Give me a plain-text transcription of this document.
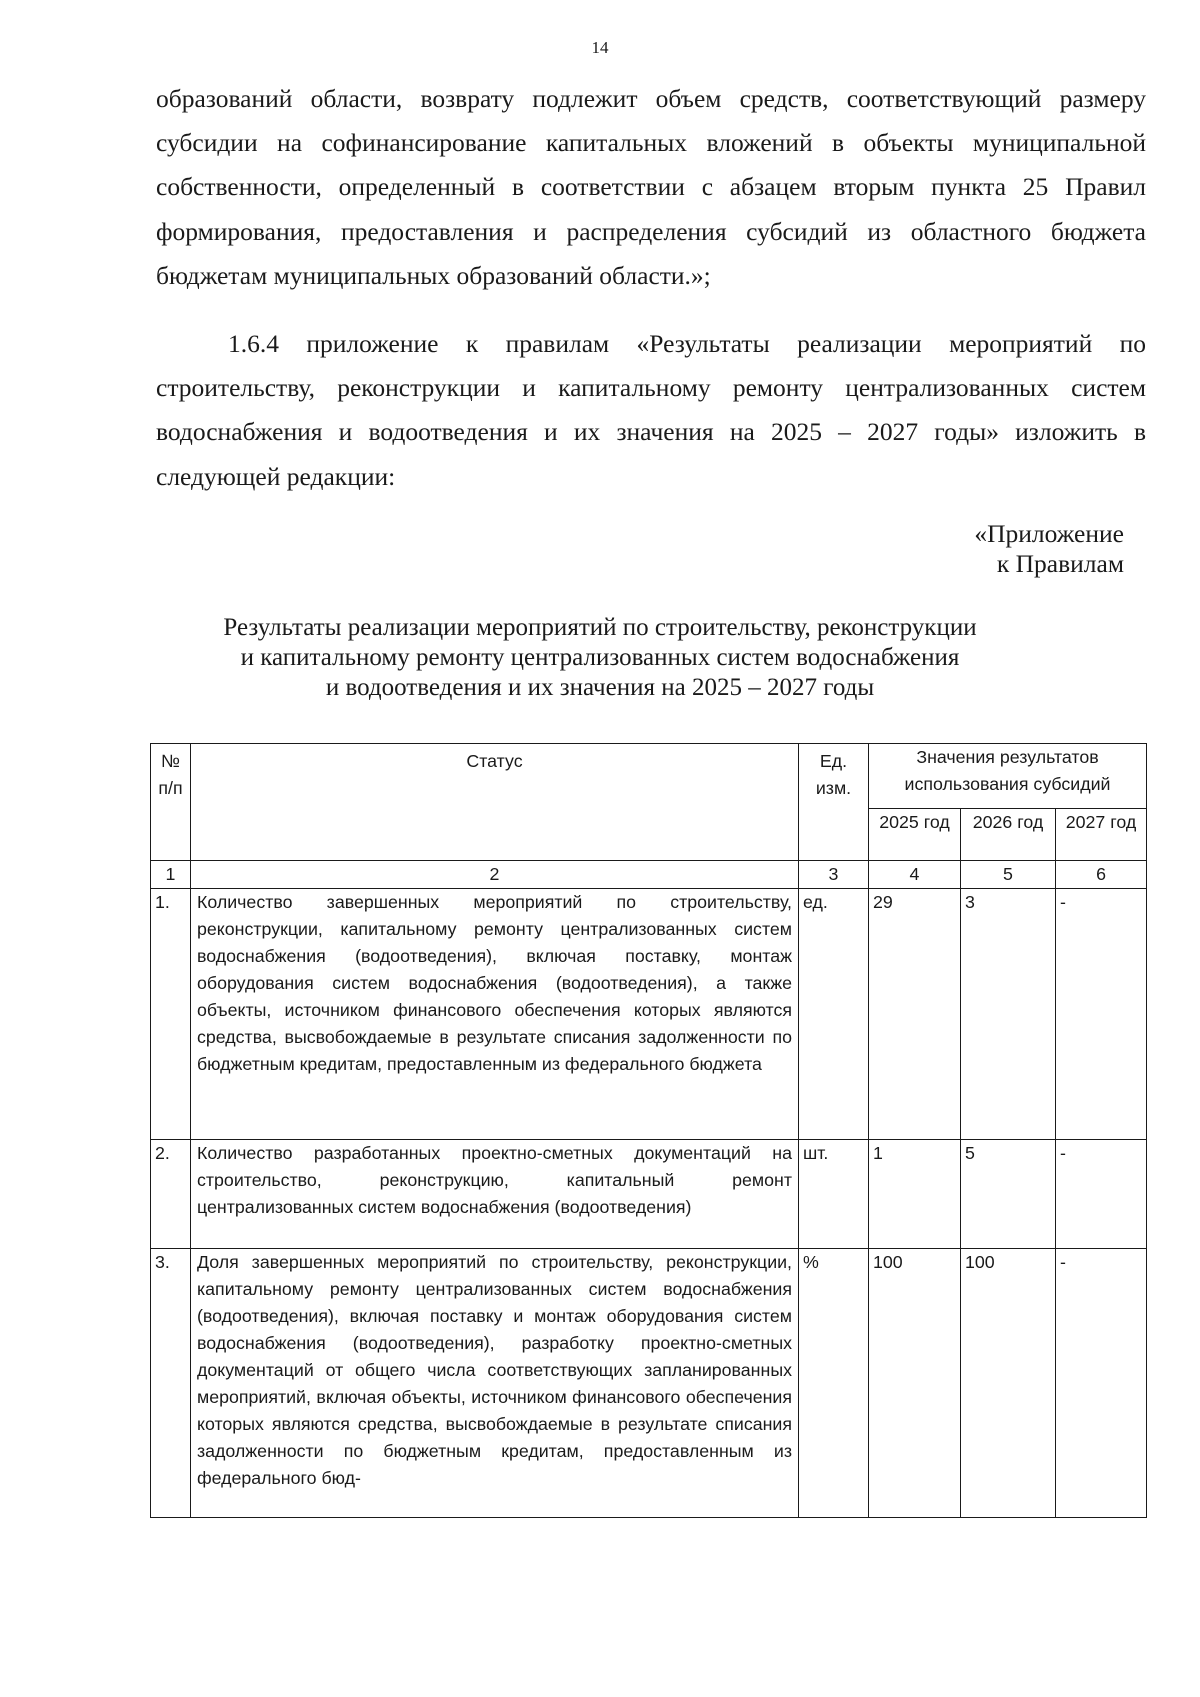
14

образований области, возврату подлежит объем средств, соответствующий размеру субсидии на софинансирование капитальных вложений в объекты муниципальной собственности, определенный в соответствии с абзацем вторым пункта 25 Правил формирования, предоставления и распределения субсидий из областного бюджета бюджетам муниципальных образований области.»;

1.6.4 приложение к правилам «Результаты реализации мероприятий по строительству, реконструкции и капитальному ремонту централизованных систем водоснабжения и водоотведения и их значения на 2025 – 2027 годы» изложить в следующей редакции:

«Приложение
к Правилам
Результаты реализации мероприятий по строительству, реконструкции
и капитальному ремонту централизованных систем водоснабжения
и водоотведения и их значения на 2025 – 2027 годы
№ п/п	Статус	Ед. изм.	Значения результатов использования субсидий		
			2025 год	2026 год	2027 год
1	2	3	4	5	6
1.	Количество завершенных мероприятий по строительству, реконструкции, капитальному ремонту централизованных систем водоснабжения (водоотведения), включая поставку, монтаж оборудования систем водоснабжения (водоотведения), а также объекты, источником финансового обеспечения которых являются средства, высвобождаемые в результате списания задолженности по бюджетным кредитам, предоставленным из федерального бюджета	ед.	29	3	-
2.	Количество разработанных проектно-сметных документаций на строительство, реконструкцию, капитальный ремонт централизованных систем водоснабжения (водоотведения)	шт.	1	5	-
3.	Доля завершенных мероприятий по строительству, реконструкции, капитальному ремонту централизованных систем водоснабжения (водоотведения), включая поставку и монтаж оборудования систем водоснабжения (водоотведения), разработку проектно-сметных документаций от общего числа соответствующих запланированных мероприятий, включая объекты, источником финансового обеспечения которых являются средства, высвобождаемые в результате списания задолженности по бюджетным кредитам, предоставленным из федерального бюд-	%	100	100	-
